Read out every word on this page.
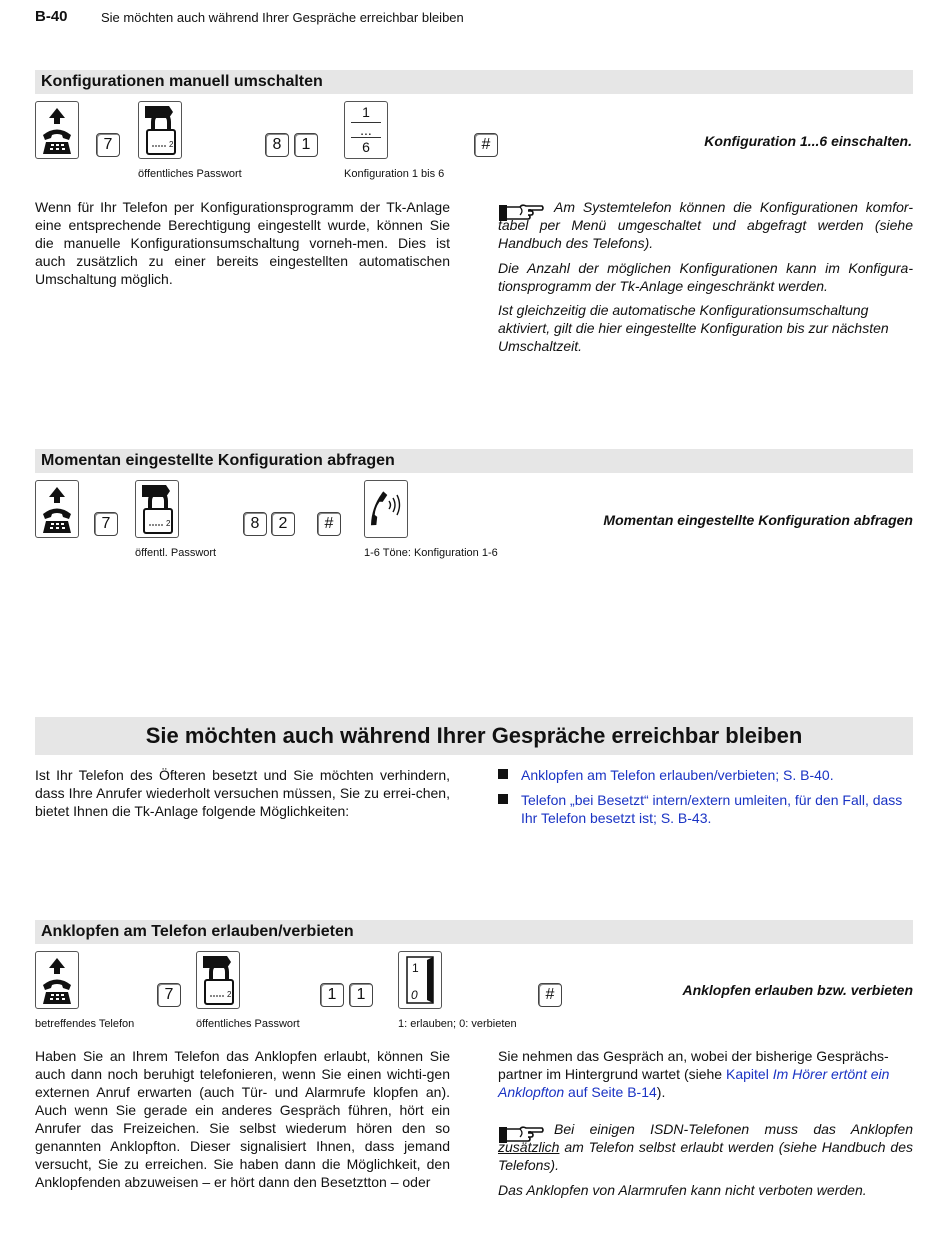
B-40	Sie möchten auch während Ihrer Gespräche erreichbar bleiben
Konfigurationen manuell umschalten
7	2	8	1
1
...
6	#	Konfiguration 1...6 einschalten.
öffentliches Passwort	Konfiguration 1 bis 6
Wenn für Ihr Telefon per Konfigurationsprogramm der Tk-Anlage eine entsprechende Berechtigung eingestellt wurde, können Sie die manuelle Konfigurationsumschaltung vorneh-men. Dies ist auch zusätzlich zu einer bereits eingestellten automatischen Umschaltung möglich.
Am Systemtelefon können die Konfigurationen komfor-tabel per Menü umgeschaltet und abgefragt werden (siehe Handbuch des Telefons).
Die Anzahl der möglichen Konfigurationen kann im Konfigura-tionsprogramm der Tk-Anlage eingeschränkt werden.
Ist gleichzeitig die automatische Konfigurationsumschaltung aktiviert, gilt die hier eingestellte Konfiguration bis zur nächsten Umschaltzeit.
Momentan eingestellte Konfiguration abfragen
7	2	8	2	#	Momentan eingestellte Konfiguration abfragen
öffentl. Passwort	1-6 Töne: Konfiguration 1-6
Sie möchten auch während Ihrer Gespräche erreichbar bleiben
Ist Ihr Telefon des Öfteren besetzt und Sie möchten verhindern, dass Ihre Anrufer wiederholt versuchen müssen, Sie zu errei-chen, bietet Ihnen die Tk-Anlage folgende Möglichkeiten:
Anklopfen am Telefon erlauben/verbieten; S. B-40.
Telefon „bei Besetzt“ intern/extern umleiten, für den Fall, dass Ihr Telefon besetzt ist; S. B-43.
Anklopfen am Telefon erlauben/verbieten
7	2	1	1
1
0	#	Anklopfen erlauben bzw. verbieten
betreffendes Telefon	öffentliches Passwort	1: erlauben; 0: verbieten
Haben Sie an Ihrem Telefon das Anklopfen erlaubt, können Sie auch dann noch beruhigt telefonieren, wenn Sie einen wichti-gen externen Anruf erwarten (auch Tür- und Alarmrufe klopfen an). Auch wenn Sie gerade ein anderes Gespräch führen, hört ein Anrufer das Freizeichen. Sie selbst wiederum hören den so genannten Anklopfton. Dieser signalisiert Ihnen, dass jemand versucht, Sie zu erreichen. Sie haben dann die Möglichkeit, den Anklopfenden abzuweisen – er hört dann den Besetztton – oder
Sie nehmen das Gespräch an, wobei der bisherige Gesprächs-partner im Hintergrund wartet (siehe Kapitel Im Hörer ertönt ein Anklopfton auf Seite B-14).
Bei einigen ISDN-Telefonen muss das Anklopfen zusätzlich am Telefon selbst erlaubt werden (siehe Handbuch des Telefons).
Das Anklopfen von Alarmrufen kann nicht verboten werden.
